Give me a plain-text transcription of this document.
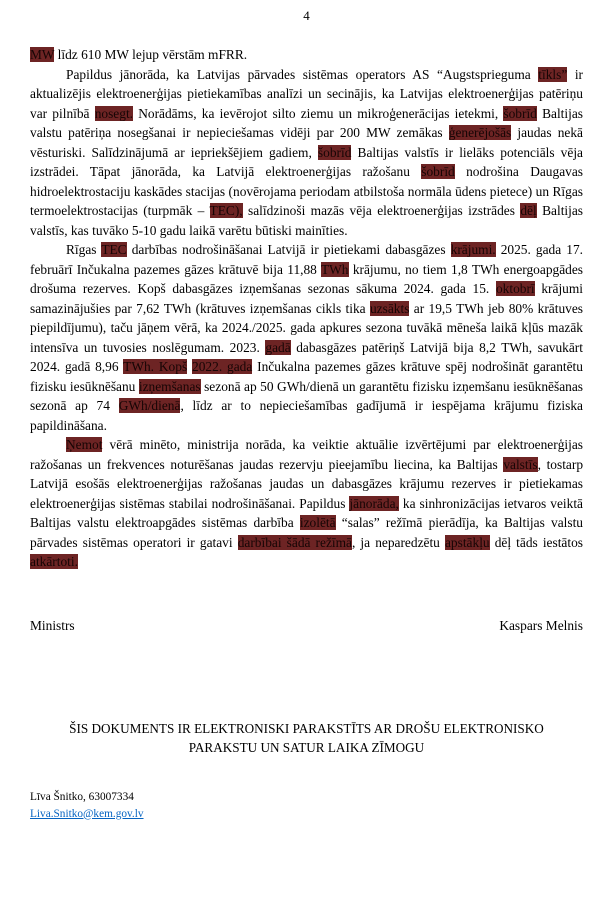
4

MW līdz 610 MW lejup vērstām mFRR.

Papildus jānorāda, ka Latvijas pārvades sistēmas operators AS “Augstsprieguma tīkls” ir aktualizējis elektroenerģijas pietiekamības analīzi un secinājis, ka Latvijas elektroenerģijas patēriņu var pilnībā nosegt. Norādāms, ka ievērojot silto ziemu un mikroģenerācijas ietekmi, šobrīd Baltijas valstu patēriņa nosegšanai ir nepieciešamas vidēji par 200 MW zemākas ģenerējošās jaudas nekā vēsturiski. Salīdzinājumā ar iepriekšējiem gadiem, šobrīd Baltijas valstīs ir lielāks potenciāls vēja izstrādei. Tāpat jānorāda, ka Latvijā elektroenerģijas ražošanu šobrīd nodrošina Daugavas hidroelektrostaciju kaskādes stacijas (novērojama periodam atbilstoša normāla ūdens pietece) un Rīgas termoelektrostacijas (turpmāk – TEC), salīdzinoši mazās vēja elektroenerģijas izstrādes dēļ Baltijas valstīs, kas tuvāko 5-10 gadu laikā varētu būtiski mainīties.

Rīgas TEC darbības nodrošināšanai Latvijā ir pietiekami dabasgāzes krājumi. 2025. gada 17. februārī Inčukalna pazemes gāzes krātuvē bija 11,88 TWh krājumu, no tiem 1,8 TWh energoapgādes drošuma rezerves. Kopš dabasgāzes izņemšanas sezonas sākuma 2024. gada 15. oktobrī krājumi samazinājušies par 7,62 TWh (krātuves izņemšanas cikls tika uzsākts ar 19,5 TWh jeb 80% krātuves piepildījumu), taču jāņem vērā, ka 2024./2025. gada apkures sezona tuvākā mēneša laikā kļūs mazāk intensīva un tuvosies noslēgumam. 2023. gadā dabasgāzes patēriņš Latvijā bija 8,2 TWh, savukārt 2024. gadā 8,96 TWh. Kopš 2022. gada Inčukalna pazemes gāzes krātuve spēj nodrošināt garantētu fizisku iesūknēšanu izņemšanas sezonā ap 50 GWh/dienā un garantētu fizisku izņemšanu iesūknēšanas sezonā ap 74 GWh/dienā, līdz ar to nepieciešamības gadījumā ir iespējama krājumu fiziska papildināšana.

Ņemot vērā minēto, ministrija norāda, ka veiktie aktuālie izvērtējumi par elektroenerģijas ražošanas un frekvences noturēšanas jaudas rezervju pieejamību liecina, ka Baltijas valstīs, tostarp Latvijā esošās elektroenerģijas ražošanas jaudas un dabasgāzes krājumu rezerves ir pietiekamas elektroenerģijas sistēmas stabilai nodrošināšanai. Papildus jānorāda, ka sinhronizācijas ietvaros veiktā Baltijas valstu elektroapgādes sistēmas darbība izolētā “salas” režīmā pierādīja, ka Baltijas valstu pārvades sistēmas operatori ir gatavi darbībai šādā režīmā, ja neparedzētu apstākļu dēļ tāds iestātos atkārtoti.

Ministrs	Kaspars Melnis
ŠIS DOKUMENTS IR ELEKTRONISKI PARAKSTĪTS AR DROŠU ELEKTRONISKO PARAKSTU UN SATUR LAIKA ZĪMOGU
Līva Šnitko, 63007334
Liva.Snitko@kem.gov.lv
